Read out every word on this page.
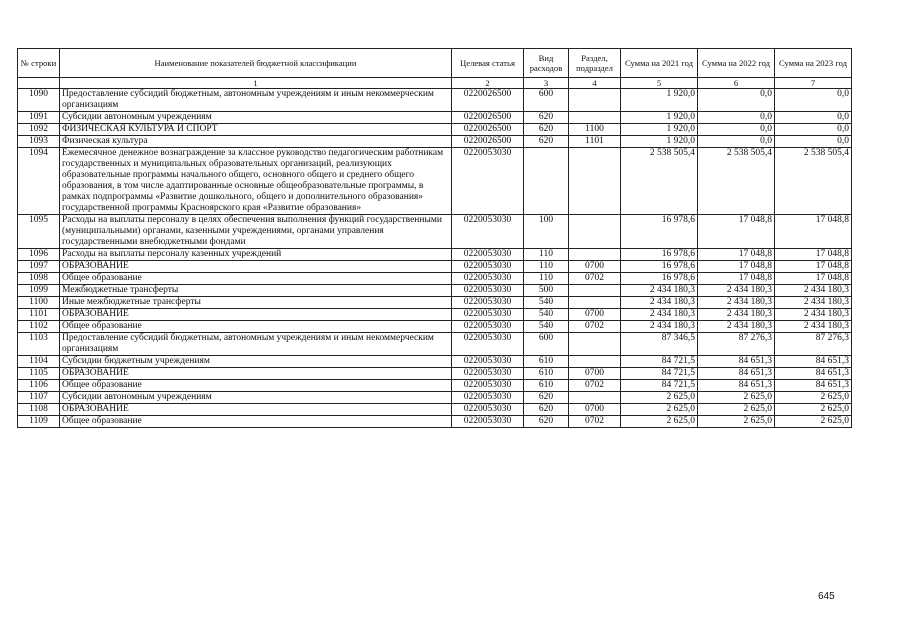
№ строки	Наименование показателей бюджетной классификации	Целевая статья	Вид расходов	Раздел, подраздел	Сумма на 2021 год	Сумма на 2022 год	Сумма на 2023 год
	1	2	3	4	5	6	7
1090	Предоставление субсидий бюджетным, автономным учреждениям и иным некоммерческим организациям	0220026500	600		1 920,0	0,0	0,0
1091	Субсидии автономным учреждениям	0220026500	620		1 920,0	0,0	0,0
1092	ФИЗИЧЕСКАЯ КУЛЬТУРА И СПОРТ	0220026500	620	1100	1 920,0	0,0	0,0
1093	Физическая культура	0220026500	620	1101	1 920,0	0,0	0,0
1094	Ежемесячное денежное вознаграждение за классное руководство педагогическим работникам государственных и муниципальных образовательных организаций, реализующих образовательные программы начального общего, основного общего и среднего общего образования, в том числе адаптированные основные общеобразовательные программы, в рамках подпрограммы «Развитие дошкольного, общего и дополнительного образования» государственной программы Красноярского края «Развитие образования»	0220053030			2 538 505,4	2 538 505,4	2 538 505,4
1095	Расходы на выплаты персоналу в целях обеспечения выполнения функций государственными (муниципальными) органами, казенными учреждениями, органами управления государственными внебюджетными фондами	0220053030	100		16 978,6	17 048,8	17 048,8
1096	Расходы на выплаты персоналу казенных учреждений	0220053030	110		16 978,6	17 048,8	17 048,8
1097	ОБРАЗОВАНИЕ	0220053030	110	0700	16 978,6	17 048,8	17 048,8
1098	Общее образование	0220053030	110	0702	16 978,6	17 048,8	17 048,8
1099	Межбюджетные трансферты	0220053030	500		2 434 180,3	2 434 180,3	2 434 180,3
1100	Иные межбюджетные трансферты	0220053030	540		2 434 180,3	2 434 180,3	2 434 180,3
1101	ОБРАЗОВАНИЕ	0220053030	540	0700	2 434 180,3	2 434 180,3	2 434 180,3
1102	Общее образование	0220053030	540	0702	2 434 180,3	2 434 180,3	2 434 180,3
1103	Предоставление субсидий бюджетным, автономным учреждениям и иным некоммерческим организациям	0220053030	600		87 346,5	87 276,3	87 276,3
1104	Субсидии бюджетным учреждениям	0220053030	610		84 721,5	84 651,3	84 651,3
1105	ОБРАЗОВАНИЕ	0220053030	610	0700	84 721,5	84 651,3	84 651,3
1106	Общее образование	0220053030	610	0702	84 721,5	84 651,3	84 651,3
1107	Субсидии автономным учреждениям	0220053030	620		2 625,0	2 625,0	2 625,0
1108	ОБРАЗОВАНИЕ	0220053030	620	0700	2 625,0	2 625,0	2 625,0
1109	Общее образование	0220053030	620	0702	2 625,0	2 625,0	2 625,0
645
